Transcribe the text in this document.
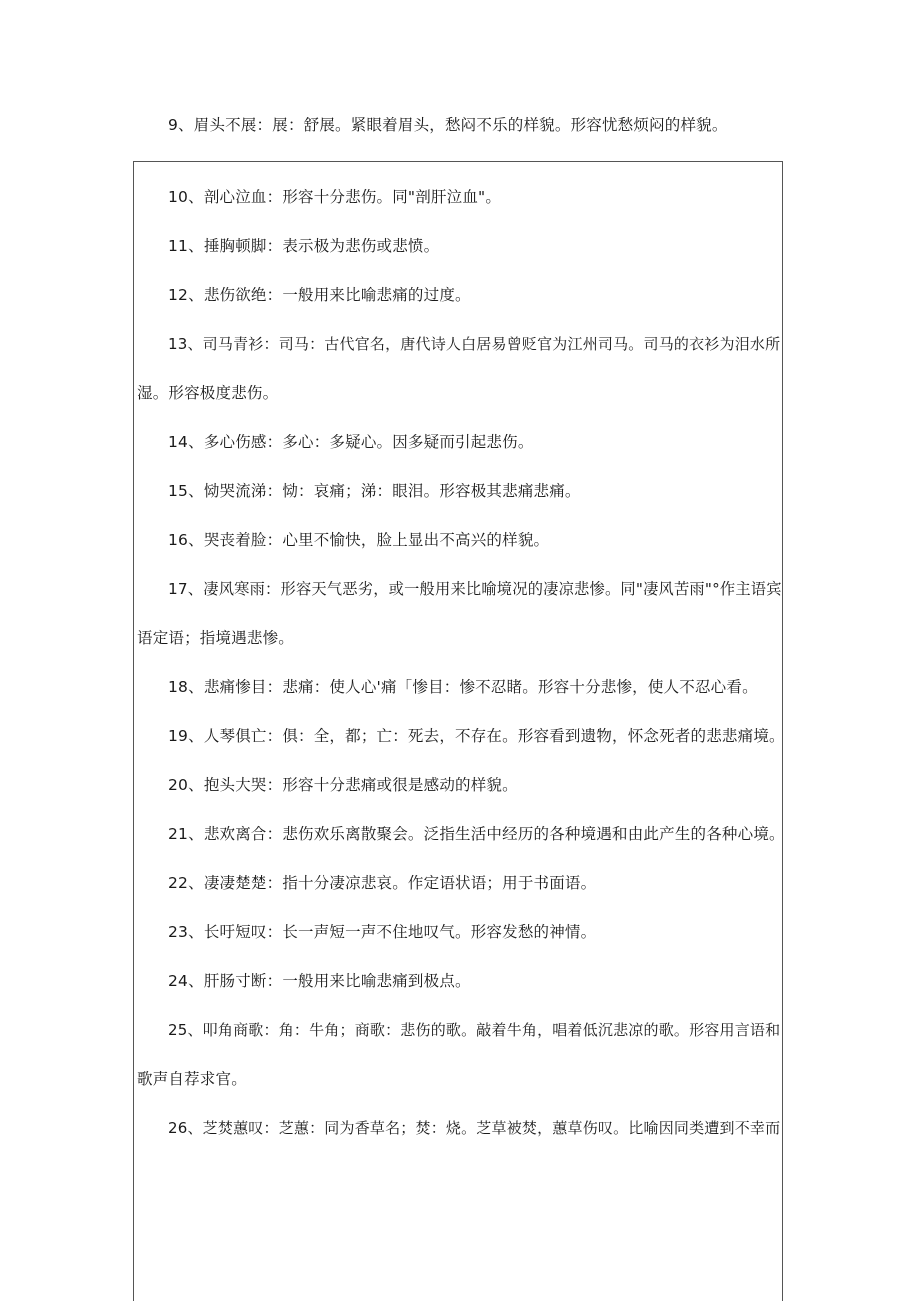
9、眉头不展：展：舒展。紧眼着眉头，愁闷不乐的样貌。形容忧愁烦闷的样貌。

10、剖心泣血：形容十分悲伤。同"剖肝泣血"。

11、捶胸顿脚：表示极为悲伤或悲愤。

12、悲伤欲绝：一般用来比喻悲痛的过度。

13、司马青衫：司马：古代官名，唐代诗人白居易曾贬官为江州司马。司马的衣衫为泪水所

湿。形容极度悲伤。

14、多心伤感：多心：多疑心。因多疑而引起悲伤。

15、恸哭流涕：恸：哀痛；涕：眼泪。形容极其悲痛悲痛。

16、哭丧着脸：心里不愉快，脸上显出不高兴的样貌。

17、凄风寒雨：形容天气恶劣，或一般用来比喻境况的凄凉悲惨。同"凄风苦雨"°作主语宾

语定语；指境遇悲惨。

18、悲痛惨目：悲痛：使人心'痛「惨目：惨不忍睹。形容十分悲惨，使人不忍心看。

19、人琴俱亡：俱：全，都；亡：死去，不存在。形容看到遗物，怀念死者的悲悲痛境。

20、抱头大哭：形容十分悲痛或很是感动的样貌。

21、悲欢离合：悲伤欢乐离散聚会。泛指生活中经历的各种境遇和由此产生的各种心境。

22、凄凄楚楚：指十分凄凉悲哀。作定语状语；用于书面语。

23、长吁短叹：长一声短一声不住地叹气。形容发愁的神情。

24、肝肠寸断：一般用来比喻悲痛到极点。

25、叩角商歌：角：牛角；商歌：悲伤的歌。敲着牛角，唱着低沉悲凉的歌。形容用言语和

歌声自荐求官。

26、芝焚蕙叹：芝蕙：同为香草名；焚：烧。芝草被焚，蕙草伤叹。比喻因同类遭到不幸而
